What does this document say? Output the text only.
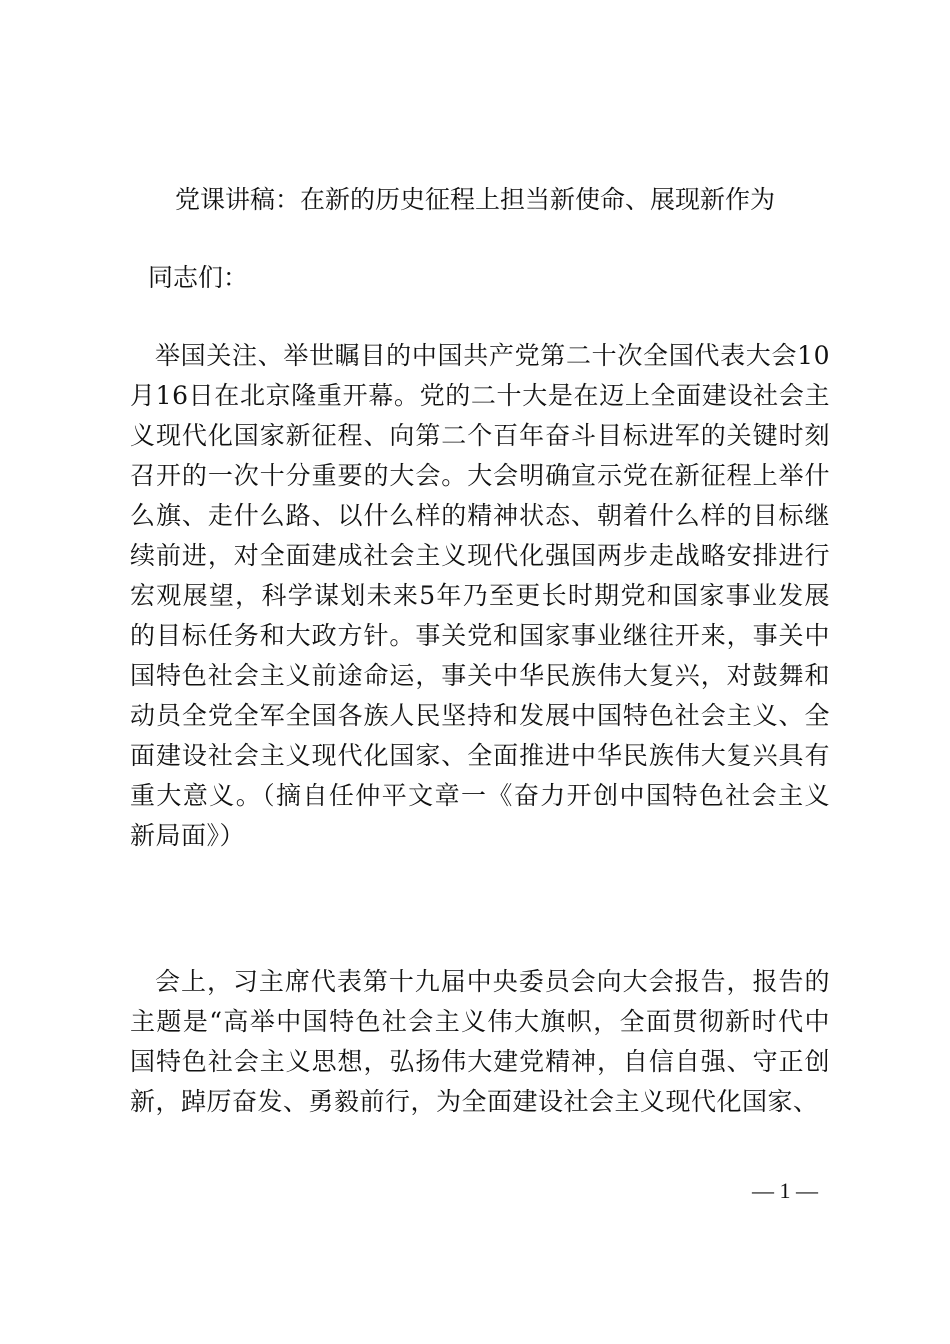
党课讲稿：在新的历史征程上担当新使命、展现新作为

同志们：

举国关注、举世瞩目的中国共产党第二十次全国代表大会10月16日在北京隆重开幕。党的二十大是在迈上全面建设社会主义现代化国家新征程、向第二个百年奋斗目标进军的关键时刻召开的一次十分重要的大会。大会明确宣示党在新征程上举什么旗、走什么路、以什么样的精神状态、朝着什么样的目标继续前进，对全面建成社会主义现代化强国两步走战略安排进行宏观展望，科学谋划未来5年乃至更长时期党和国家事业发展的目标任务和大政方针。事关党和国家事业继往开来，事关中国特色社会主义前途命运，事关中华民族伟大复兴，对鼓舞和动员全党全军全国各族人民坚持和发展中国特色社会主义、全面建设社会主义现代化国家、全面推进中华民族伟大复兴具有重大意义。（摘自任仲平文章一《奋力开创中国特色社会主义新局面》）

会上，习主席代表第十九届中央委员会向大会报告，报告的主题是“高举中国特色社会主义伟大旗帜，全面贯彻新时代中国特色社会主义思想，弘扬伟大建党精神，自信自强、守正创新，踔厉奋发、勇毅前行，为全面建设社会主义现代化国家、

— 1 —
